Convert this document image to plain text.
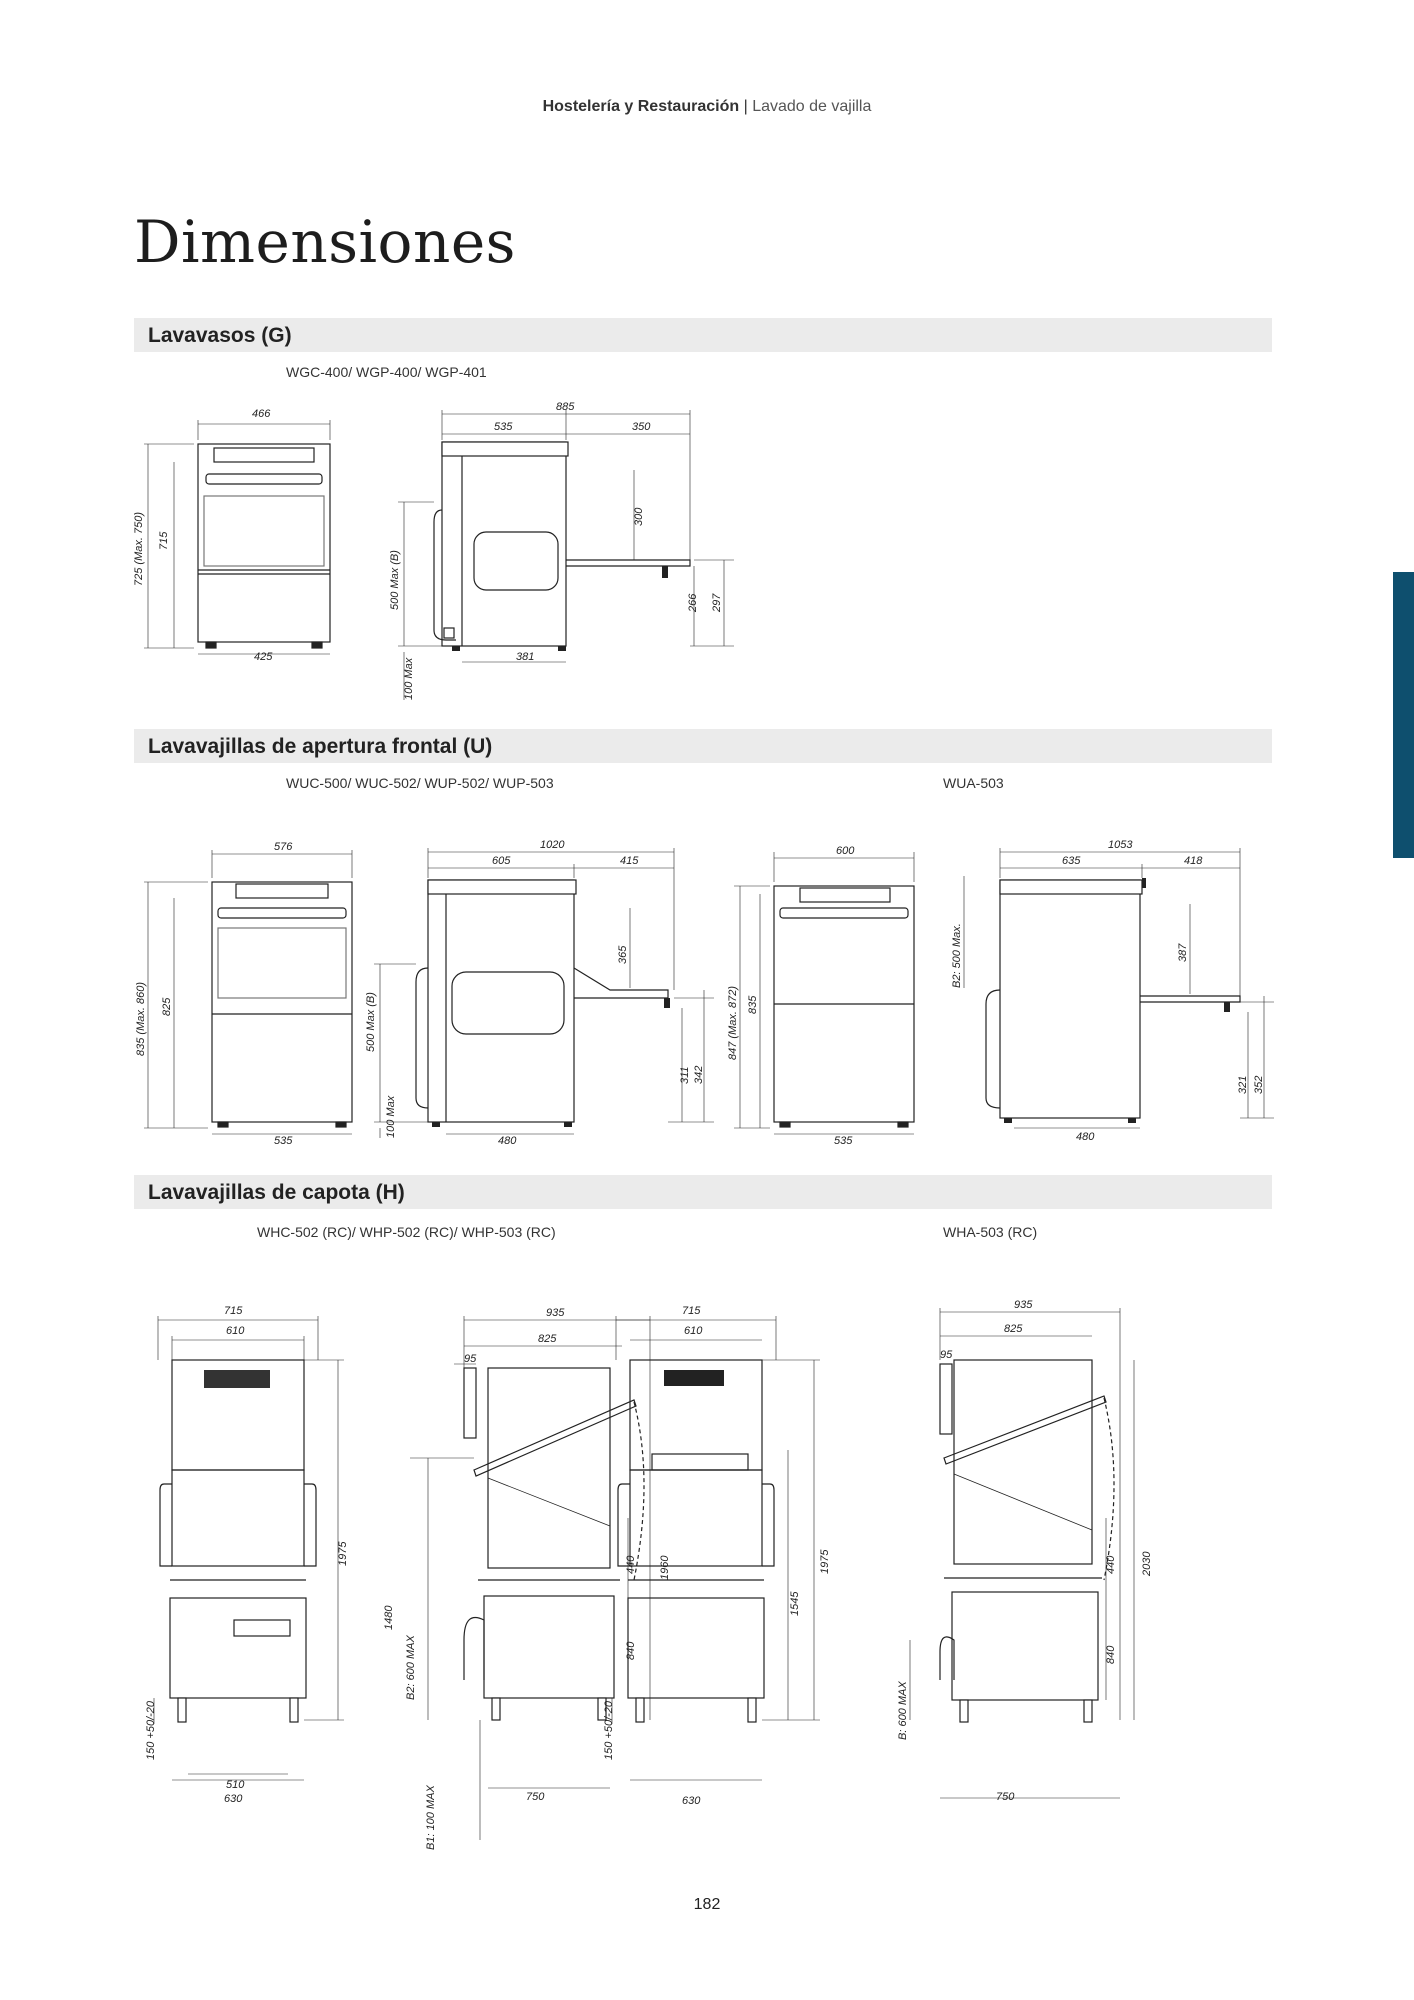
Hostelería y Restauración | Lavado de vajilla
Dimensiones
Lavavasos (G)
WGC-400/ WGP-400/ WGP-401
466
425
715
725 (Max. 750)
885
535	350
300
266 297
500 Max (B)
100 Max
381
Lavavajillas de apertura frontal (U)
WUC-500/ WUC-502/ WUP-502/ WUP-503	WUA-503
576
535
825
835 (Max. 860)
1020
605	415
365
311 342
500 Max (B)
100 Max
480
600
535
835
847 (Max. 872)
1053
635	418
387
321 352
B2: 500 Max.
480
Lavavajillas de capota (H)
WHC-502 (RC)/ WHP-502 (RC)/ WHP-503 (RC)	WHA-503 (RC)
715
610
1975
150 +50/-20
510
630
935
825
95
1960
1480
440
840
B2: 600 MAX
B1: 100 MAX	750
715
610
1975
1545
150 +50/-20
630
935
825
95
2030
440
840
B: 600 MAX
750
182
